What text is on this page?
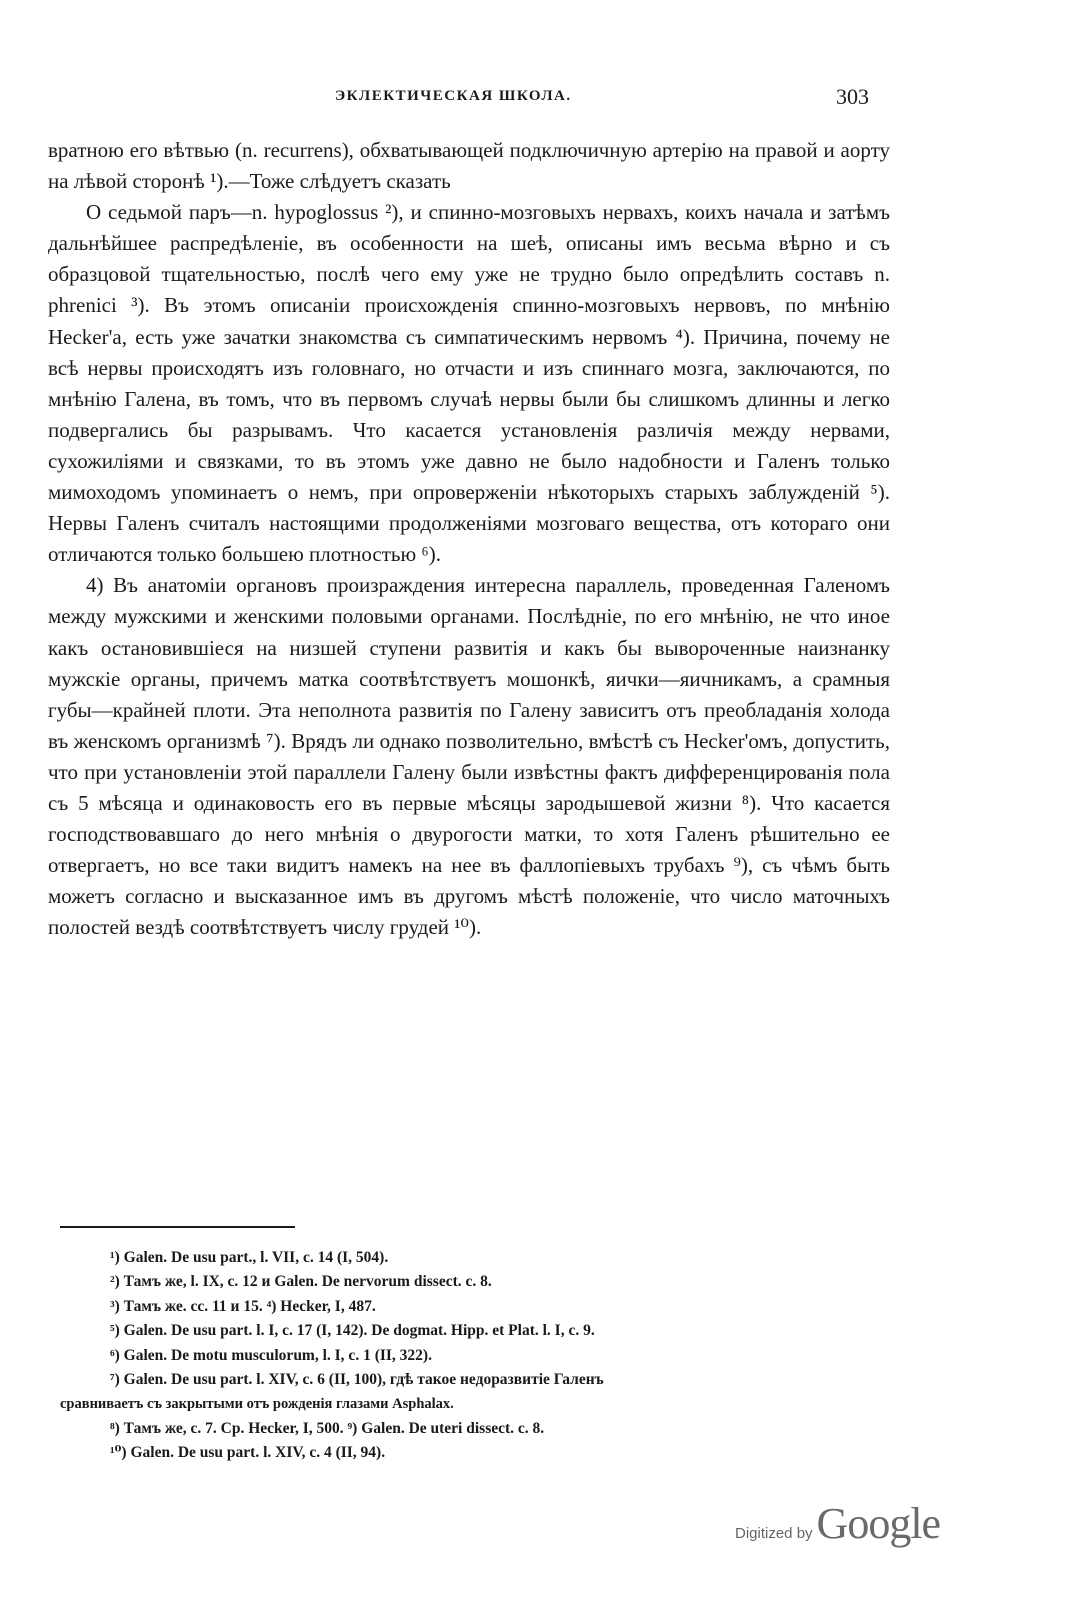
ЭКЛЕКТИЧЕСКАЯ ШКОЛА.	303

вратною его вѣтвью (n. recurrens), обхватывающей подключичную артерію на правой и аорту на лѣвой сторонѣ ¹).—Тоже слѣдуетъ сказать

О седьмой паръ—n. hypoglossus ²), и спинно-мозговыхъ нервахъ, коихъ начала и затѣмъ дальнѣйшее распредѣленіе, въ особенности на шеѣ, описаны имъ весьма вѣрно и съ образцовой тщательностью, послѣ чего ему уже не трудно было опредѣлить составъ n. phrenici ³). Въ этомъ описаніи происхожденія спинно-мозговыхъ нервовъ, по мнѣнію Hecker'a, есть уже зачатки знакомства съ симпатическимъ нервомъ ⁴). Причина, почему не всѣ нервы происходятъ изъ головнаго, но отчасти и изъ спиннаго мозга, заключаются, по мнѣнію Галена, въ томъ, что въ первомъ случаѣ нервы были бы слишкомъ длинны и легко подвергались бы разрывамъ. Что касается установленія различія между нервами, сухожиліями и связками, то въ этомъ уже давно не было надобности и Галенъ только мимоходомъ упоминаетъ о немъ, при опроверженіи нѣкоторыхъ старыхъ заблужденій ⁵). Нервы Галенъ считалъ настоящими продолженіями мозговаго вещества, отъ котораго они отличаются только большею плотностью ⁶).

4) Въ анатоміи органовъ произраждения интересна параллель, проведенная Галеномъ между мужскими и женскими половыми органами. Послѣдніе, по его мнѣнію, не что иное какъ остановившіеся на низшей ступени развитія и какъ бы вывороченные наизнанку мужскіе органы, причемъ матка соотвѣтствуетъ мошонкѣ, яички—яичникамъ, а срамныя губы—крайней плоти. Эта неполнота развитія по Галену зависитъ отъ преобладанія холода въ женскомъ организмѣ ⁷). Врядъ ли однако позволительно, вмѣстѣ съ Hecker'омъ, допустить, что при установленіи этой параллели Галену были извѣстны фактъ дифференцированія пола съ 5 мѣсяца и одинаковость его въ первые мѣсяцы зародышевой жизни ⁸). Что касается господствовавшаго до него мнѣнія о двурогости матки, то хотя Галенъ рѣшительно ее отвергаетъ, но все таки видитъ намекъ на нее въ фаллопіевыхъ трубахъ ⁹), съ чѣмъ быть можетъ согласно и высказанное имъ въ другомъ мѣстѣ положеніе, что число маточныхъ полостей вездѣ соотвѣтствуетъ числу грудей ¹⁰).

¹) Galen. De usu part., l. VII, c. 14 (I, 504).
²) Тамъ же, l. IX, c. 12 и Galen. De nervorum dissect. c. 8.
³) Тамъ же. cc. 11 и 15. ⁴) Hecker, I, 487.
⁵) Galen. De usu part. l. I, c. 17 (I, 142). De dogmat. Hipp. et Plat. l. I, c. 9.
⁶) Galen. De motu musculorum, l. I, c. 1 (II, 322).
⁷) Galen. De usu part. l. XIV, c. 6 (II, 100), гдѣ такое недоразвитіе Галенъ
сравниваетъ съ закрытыми отъ рожденія глазами Asphalax.
⁸) Тамъ же, c. 7. Cp. Hecker, I, 500. ⁹) Galen. De uteri dissect. c. 8.
¹⁰) Galen. De usu part. l. XIV, c. 4 (II, 94).
Digitized by Google
